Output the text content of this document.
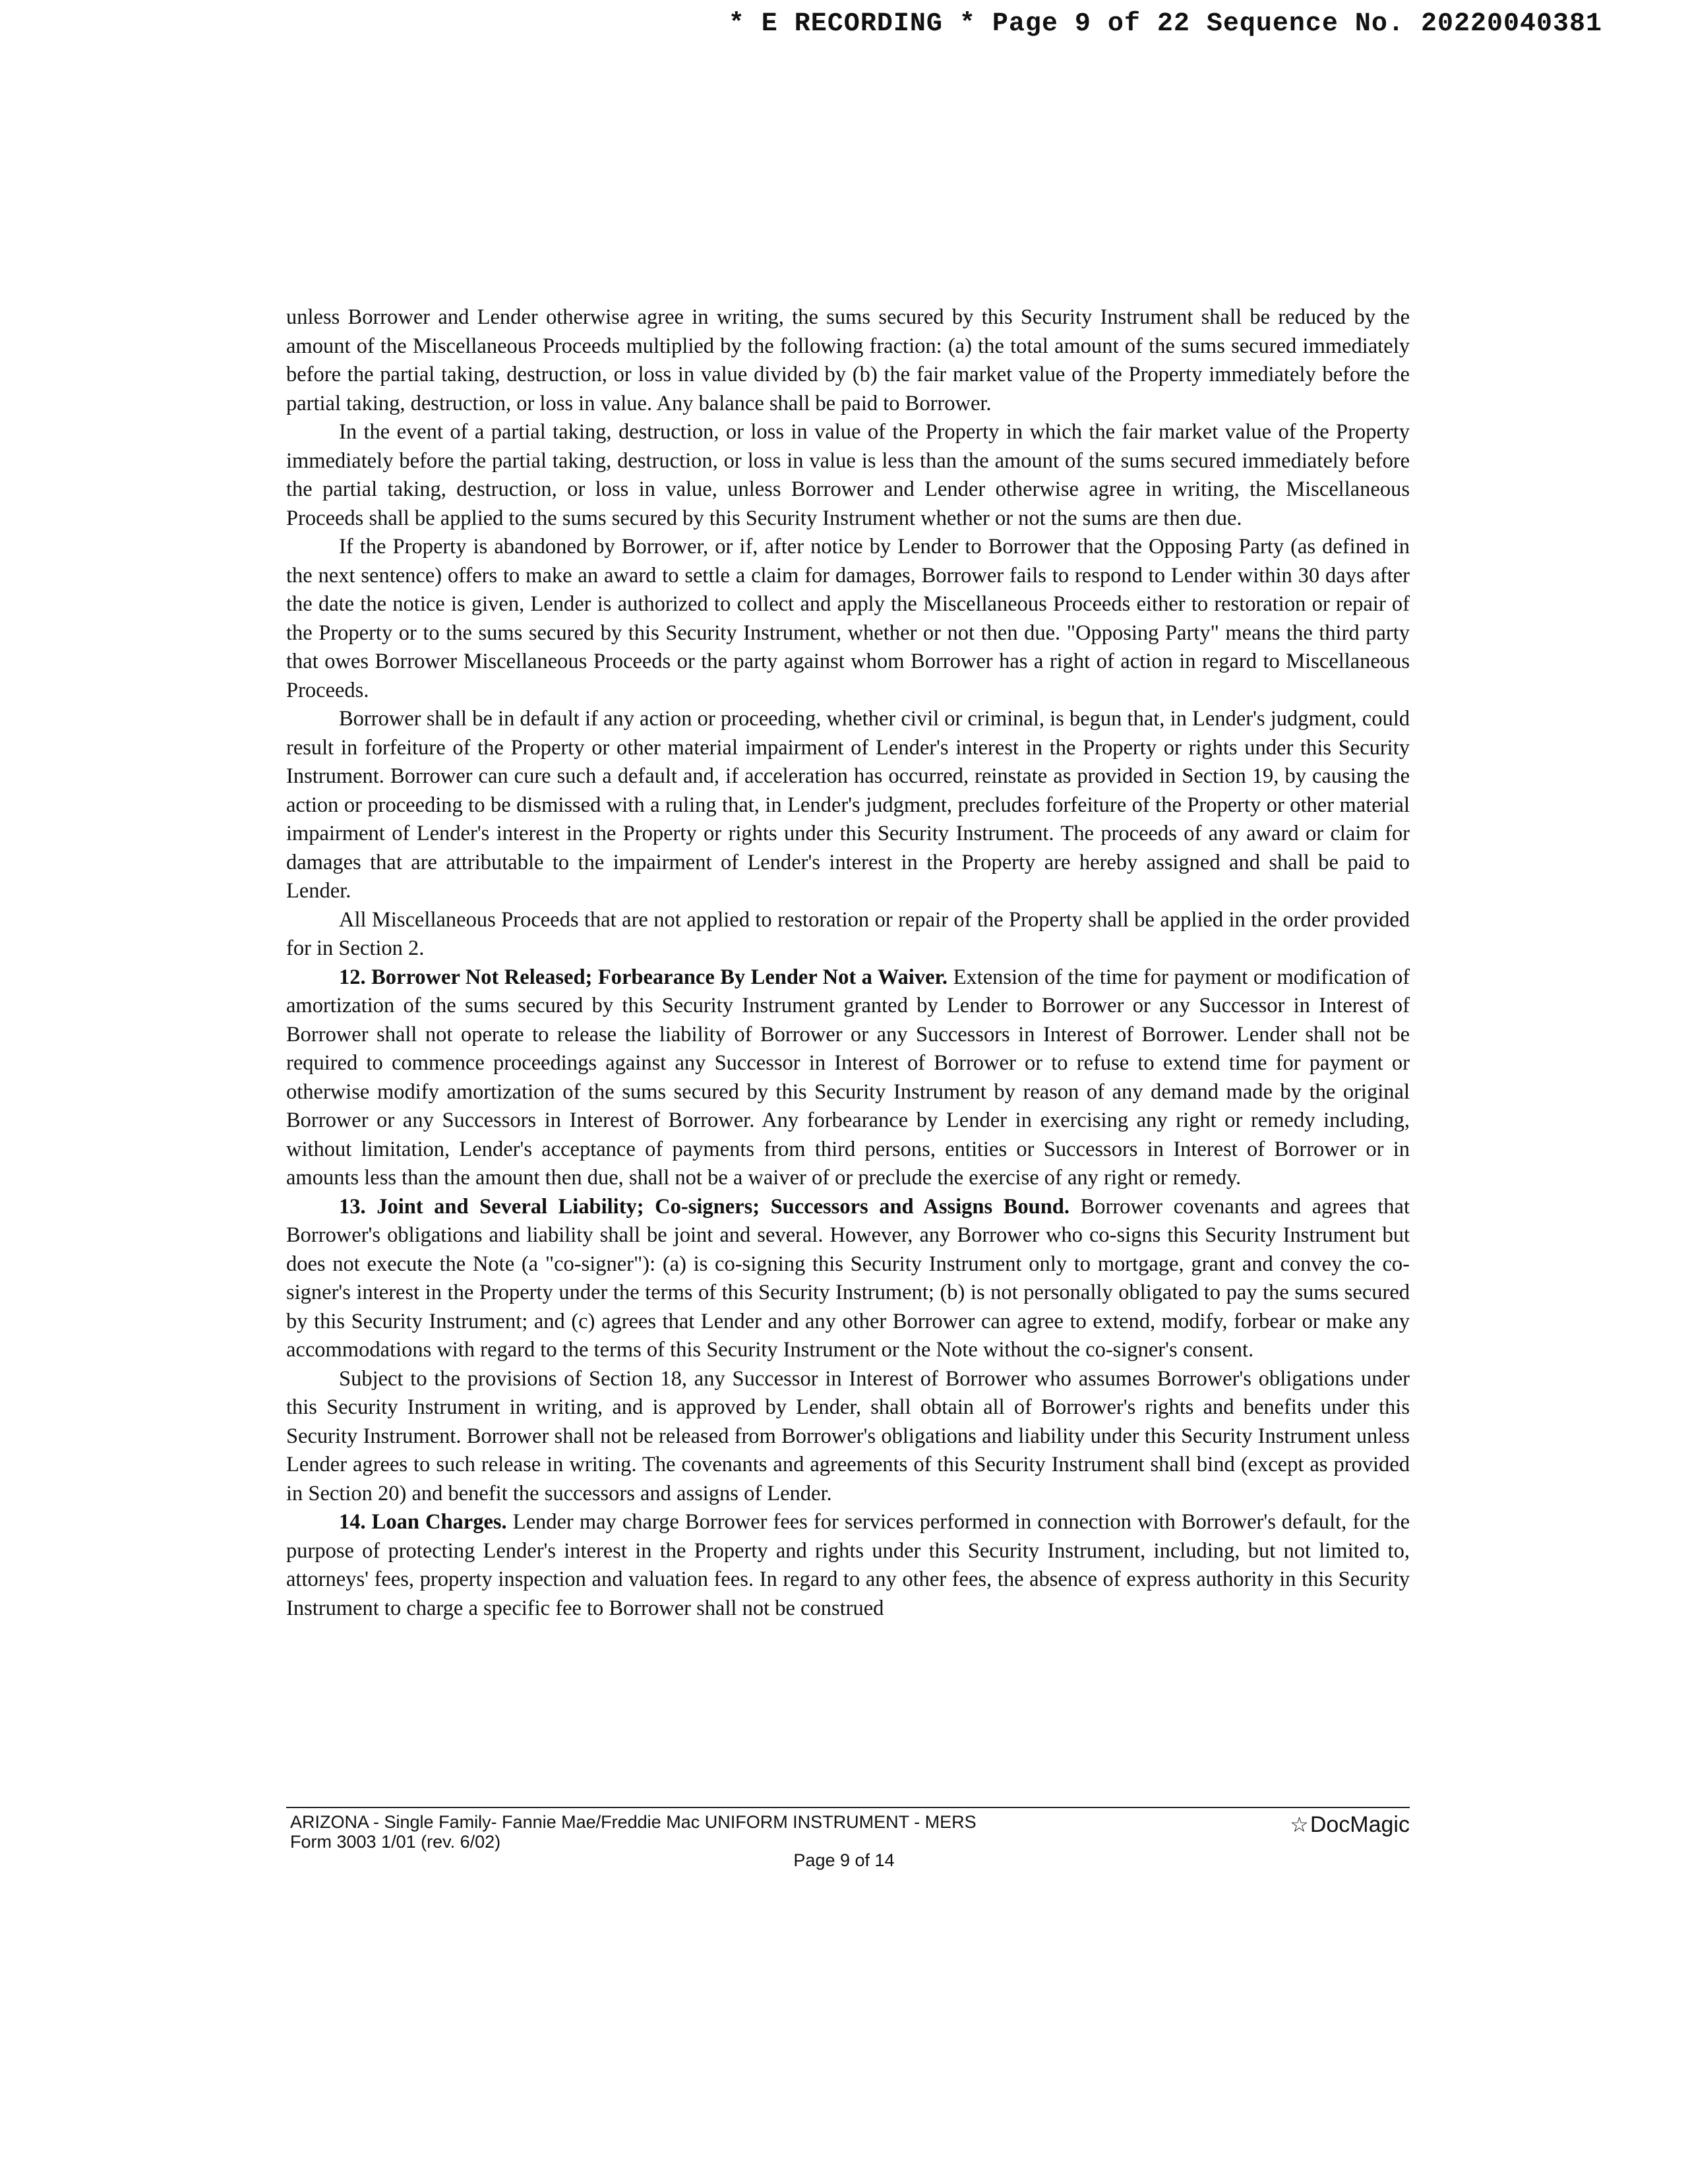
* E RECORDING * Page 9 of 22 Sequence No. 20220040381

unless Borrower and Lender otherwise agree in writing, the sums secured by this Security Instrument shall be reduced by the amount of the Miscellaneous Proceeds multiplied by the following fraction: (a) the total amount of the sums secured immediately before the partial taking, destruction, or loss in value divided by (b) the fair market value of the Property immediately before the partial taking, destruction, or loss in value. Any balance shall be paid to Borrower.

In the event of a partial taking, destruction, or loss in value of the Property in which the fair market value of the Property immediately before the partial taking, destruction, or loss in value is less than the amount of the sums secured immediately before the partial taking, destruction, or loss in value, unless Borrower and Lender otherwise agree in writing, the Miscellaneous Proceeds shall be applied to the sums secured by this Security Instrument whether or not the sums are then due.

If the Property is abandoned by Borrower, or if, after notice by Lender to Borrower that the Opposing Party (as defined in the next sentence) offers to make an award to settle a claim for damages, Borrower fails to respond to Lender within 30 days after the date the notice is given, Lender is authorized to collect and apply the Miscellaneous Proceeds either to restoration or repair of the Property or to the sums secured by this Security Instrument, whether or not then due. "Opposing Party" means the third party that owes Borrower Miscellaneous Proceeds or the party against whom Borrower has a right of action in regard to Miscellaneous Proceeds.

Borrower shall be in default if any action or proceeding, whether civil or criminal, is begun that, in Lender's judgment, could result in forfeiture of the Property or other material impairment of Lender's interest in the Property or rights under this Security Instrument. Borrower can cure such a default and, if acceleration has occurred, reinstate as provided in Section 19, by causing the action or proceeding to be dismissed with a ruling that, in Lender's judgment, precludes forfeiture of the Property or other material impairment of Lender's interest in the Property or rights under this Security Instrument. The proceeds of any award or claim for damages that are attributable to the impairment of Lender's interest in the Property are hereby assigned and shall be paid to Lender.

All Miscellaneous Proceeds that are not applied to restoration or repair of the Property shall be applied in the order provided for in Section 2.

12. Borrower Not Released; Forbearance By Lender Not a Waiver. Extension of the time for payment or modification of amortization of the sums secured by this Security Instrument granted by Lender to Borrower or any Successor in Interest of Borrower shall not operate to release the liability of Borrower or any Successors in Interest of Borrower. Lender shall not be required to commence proceedings against any Successor in Interest of Borrower or to refuse to extend time for payment or otherwise modify amortization of the sums secured by this Security Instrument by reason of any demand made by the original Borrower or any Successors in Interest of Borrower. Any forbearance by Lender in exercising any right or remedy including, without limitation, Lender's acceptance of payments from third persons, entities or Successors in Interest of Borrower or in amounts less than the amount then due, shall not be a waiver of or preclude the exercise of any right or remedy.

13. Joint and Several Liability; Co-signers; Successors and Assigns Bound. Borrower covenants and agrees that Borrower's obligations and liability shall be joint and several. However, any Borrower who co-signs this Security Instrument but does not execute the Note (a "co-signer"): (a) is co-signing this Security Instrument only to mortgage, grant and convey the co-signer's interest in the Property under the terms of this Security Instrument; (b) is not personally obligated to pay the sums secured by this Security Instrument; and (c) agrees that Lender and any other Borrower can agree to extend, modify, forbear or make any accommodations with regard to the terms of this Security Instrument or the Note without the co-signer's consent.

Subject to the provisions of Section 18, any Successor in Interest of Borrower who assumes Borrower's obligations under this Security Instrument in writing, and is approved by Lender, shall obtain all of Borrower's rights and benefits under this Security Instrument. Borrower shall not be released from Borrower's obligations and liability under this Security Instrument unless Lender agrees to such release in writing. The covenants and agreements of this Security Instrument shall bind (except as provided in Section 20) and benefit the successors and assigns of Lender.

14. Loan Charges. Lender may charge Borrower fees for services performed in connection with Borrower's default, for the purpose of protecting Lender's interest in the Property and rights under this Security Instrument, including, but not limited to, attorneys' fees, property inspection and valuation fees. In regard to any other fees, the absence of express authority in this Security Instrument to charge a specific fee to Borrower shall not be construed

ARIZONA - Single Family- Fannie Mae/Freddie Mac UNIFORM INSTRUMENT - MERS
Form 3003 1/01 (rev. 6/02)
☆DocMagic
Page 9 of 14
